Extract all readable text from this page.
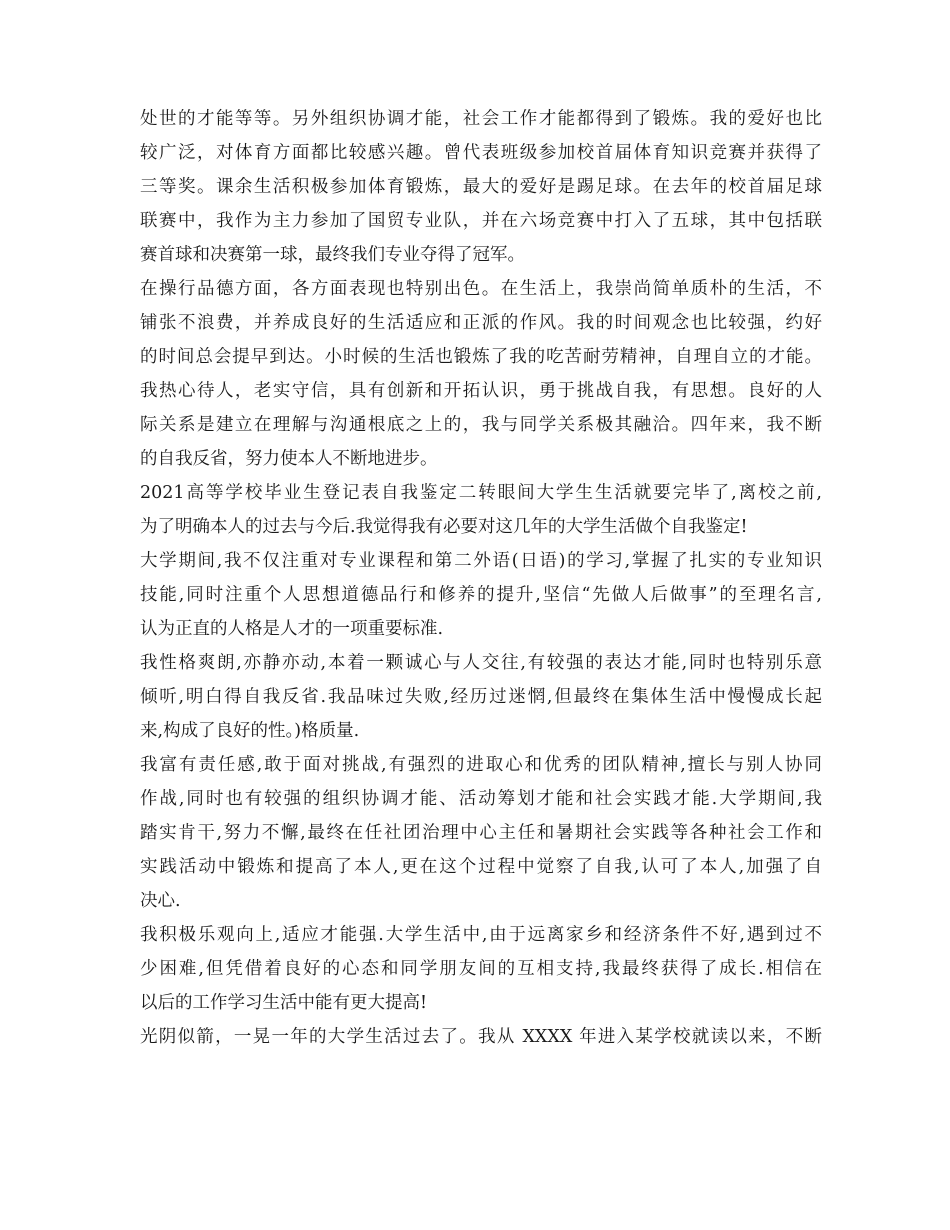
处世的才能等等。另外组织协调才能，社会工作才能都得到了锻炼。我的爱好也比

较广泛，对体育方面都比较感兴趣。曾代表班级参加校首届体育知识竞赛并获得了

三等奖。课余生活积极参加体育锻炼，最大的爱好是踢足球。在去年的校首届足球

联赛中，我作为主力参加了国贸专业队，并在六场竞赛中打入了五球，其中包括联

赛首球和决赛第一球，最终我们专业夺得了冠军。

在操行品德方面，各方面表现也特别出色。在生活上，我崇尚简单质朴的生活，不

铺张不浪费，并养成良好的生活适应和正派的作风。我的时间观念也比较强，约好

的时间总会提早到达。小时候的生活也锻炼了我的吃苦耐劳精神，自理自立的才能。

我热心待人，老实守信，具有创新和开拓认识，勇于挑战自我，有思想。良好的人

际关系是建立在理解与沟通根底之上的，我与同学关系极其融洽。四年来，我不断

的自我反省，努力使本人不断地进步。

2021高等学校毕业生登记表自我鉴定二转眼间大学生生活就要完毕了,离校之前,

为了明确本人的过去与今后.我觉得我有必要对这几年的大学生活做个自我鉴定!

大学期间,我不仅注重对专业课程和第二外语(日语)的学习,掌握了扎实的专业知识

技能,同时注重个人思想道德品行和修养的提升,坚信“先做人后做事”的至理名言,

认为正直的人格是人才的一项重要标准.

我性格爽朗,亦静亦动,本着一颗诚心与人交往,有较强的表达才能,同时也特别乐意

倾听,明白得自我反省.我品味过失败,经历过迷惘,但最终在集体生活中慢慢成长起

来,构成了良好的性。)格质量.

我富有责任感,敢于面对挑战,有强烈的进取心和优秀的团队精神,擅长与别人协同

作战,同时也有较强的组织协调才能、活动筹划才能和社会实践才能.大学期间,我

踏实肯干,努力不懈,最终在任社团治理中心主任和暑期社会实践等各种社会工作和

实践活动中锻炼和提高了本人,更在这个过程中觉察了自我,认可了本人,加强了自

决心.

我积极乐观向上,适应才能强.大学生活中,由于远离家乡和经济条件不好,遇到过不

少困难,但凭借着良好的心态和同学朋友间的互相支持,我最终获得了成长.相信在

以后的工作学习生活中能有更大提高!

光阴似箭，一晃一年的大学生活过去了。我从 XXXX 年进入某学校就读以来，不断
